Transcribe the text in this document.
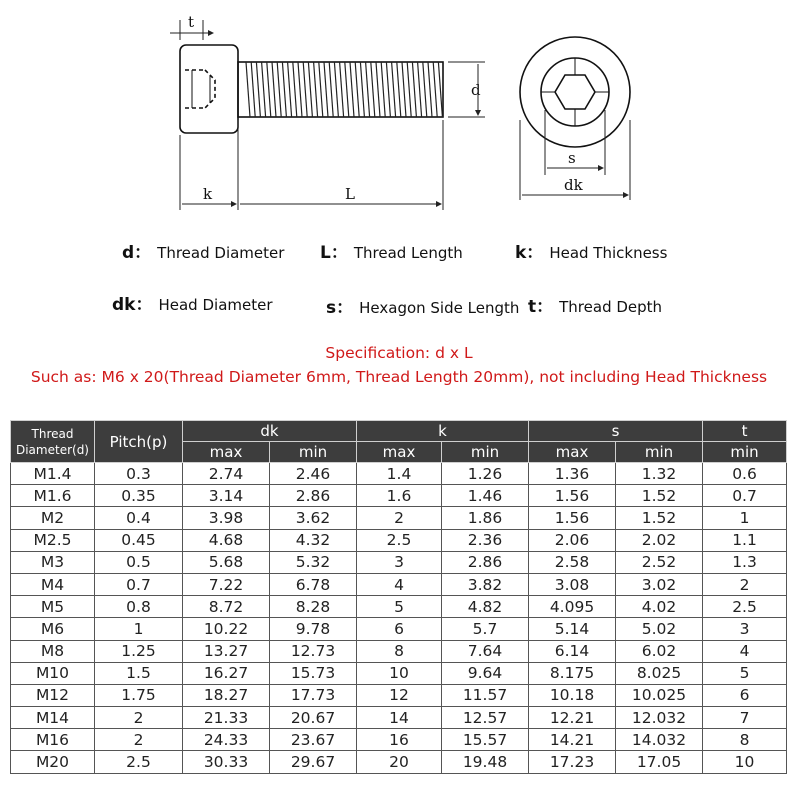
t
d
k	L
s
dk
d： Thread Diameter L： Thread Length	k： Head Thickness
dk： Head Diameter	s： Hexagon Side Length t： Thread Depth
Specification: d x L
Such as: M6 x 20(Thread Diameter 6mm, Thread Length 20mm), not including Head Thickness
Thread Diameter(d)	Pitch(p)	dk		k		s		t
		max	min	max	min	max	min	min
M1.4	0.3	2.74	2.46	1.4	1.26	1.36	1.32	0.6
M1.6	0.35	3.14	2.86	1.6	1.46	1.56	1.52	0.7
M2	0.4	3.98	3.62	2	1.86	1.56	1.52	1
M2.5	0.45	4.68	4.32	2.5	2.36	2.06	2.02	1.1
M3	0.5	5.68	5.32	3	2.86	2.58	2.52	1.3
M4	0.7	7.22	6.78	4	3.82	3.08	3.02	2
M5	0.8	8.72	8.28	5	4.82	4.095	4.02	2.5
M6	1	10.22	9.78	6	5.7	5.14	5.02	3
M8	1.25	13.27	12.73	8	7.64	6.14	6.02	4
M10	1.5	16.27	15.73	10	9.64	8.175	8.025	5
M12	1.75	18.27	17.73	12	11.57	10.18	10.025	6
M14	2	21.33	20.67	14	12.57	12.21	12.032	7
M16	2	24.33	23.67	16	15.57	14.21	14.032	8
M20	2.5	30.33	29.67	20	19.48	17.23	17.05	10
